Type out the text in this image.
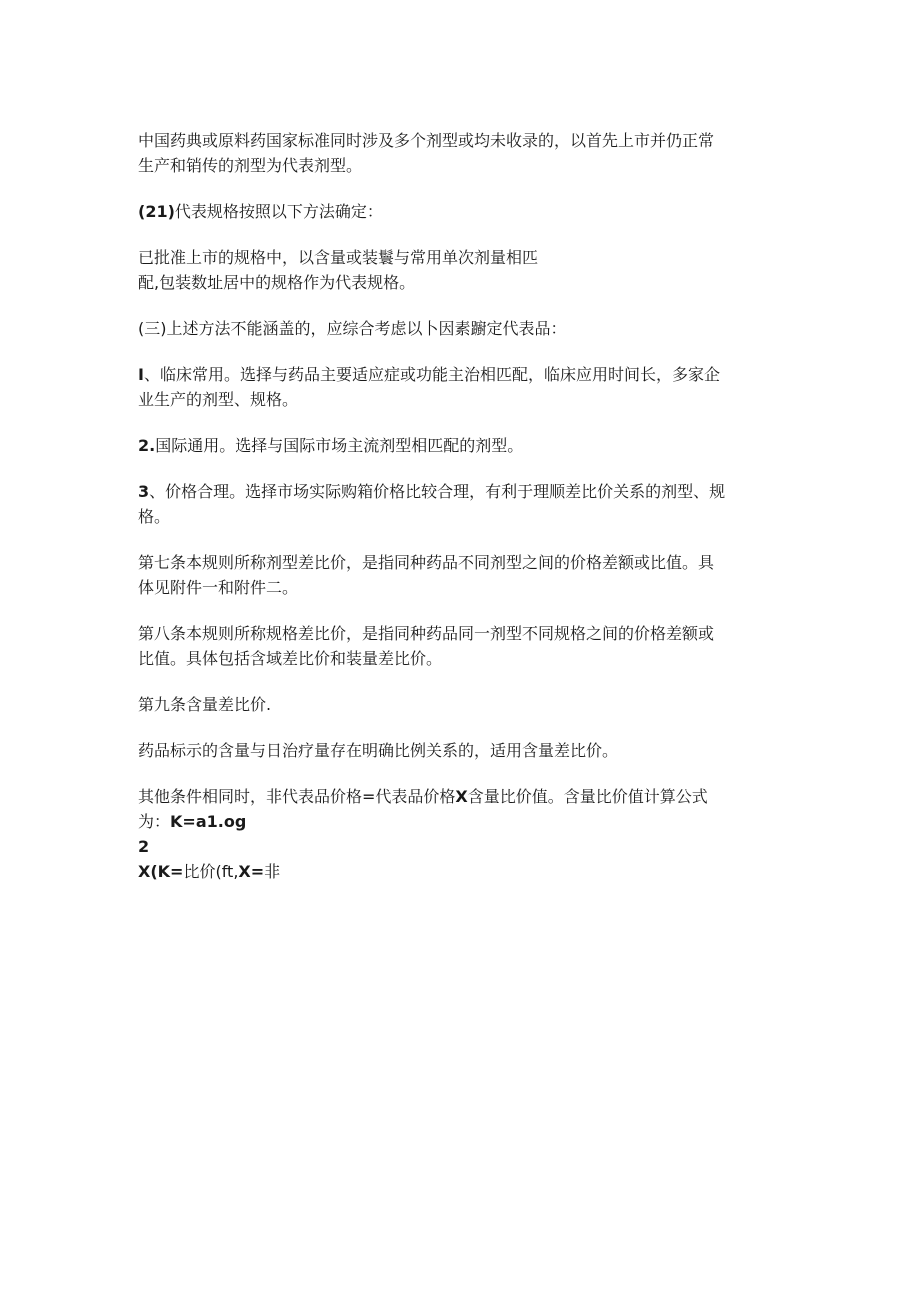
中国药典或原料药国家标准同时涉及多个剂型或均未收录的，以首先上市并仍正常
生产和销传的剂型为代表剂型。

(21)代表规格按照以下方法确定：

已批准上市的规格中，以含量或装鬟与常用单次剂量相匹
配,包装数址居中的规格作为代表规格。

(三)上述方法不能涵盖的，应综合考虑以卜因素躕定代表品：

I、临床常用。选择与药品主要适应症或功能主治相匹配，临床应用时间长，多家企
业生产的剂型、规格。

2.国际通用。选择与国际市场主流剂型相匹配的剂型。

3、价格合理。选择市场实际购箱价格比较合理，有利于理顺差比价关系的剂型、规
格。

第七条本规则所称剂型差比价，是指同种药品不同剂型之间的价格差额或比值。具
体见附件一和附件二。

第八条本规则所称规格差比价，是指同种药品同一剂型不同规格之间的价格差额或
比值。具体包括含域差比价和装量差比价。

第九条含量差比价.

药品标示的含量与日治疗量存在明确比例关系的，适用含量差比价。

其他条件相同时，非代表品价格=代表品价格X含量比价值。含量比价值计算公式
为：K=a1.og
2
X(K=比价(ft,X=非
